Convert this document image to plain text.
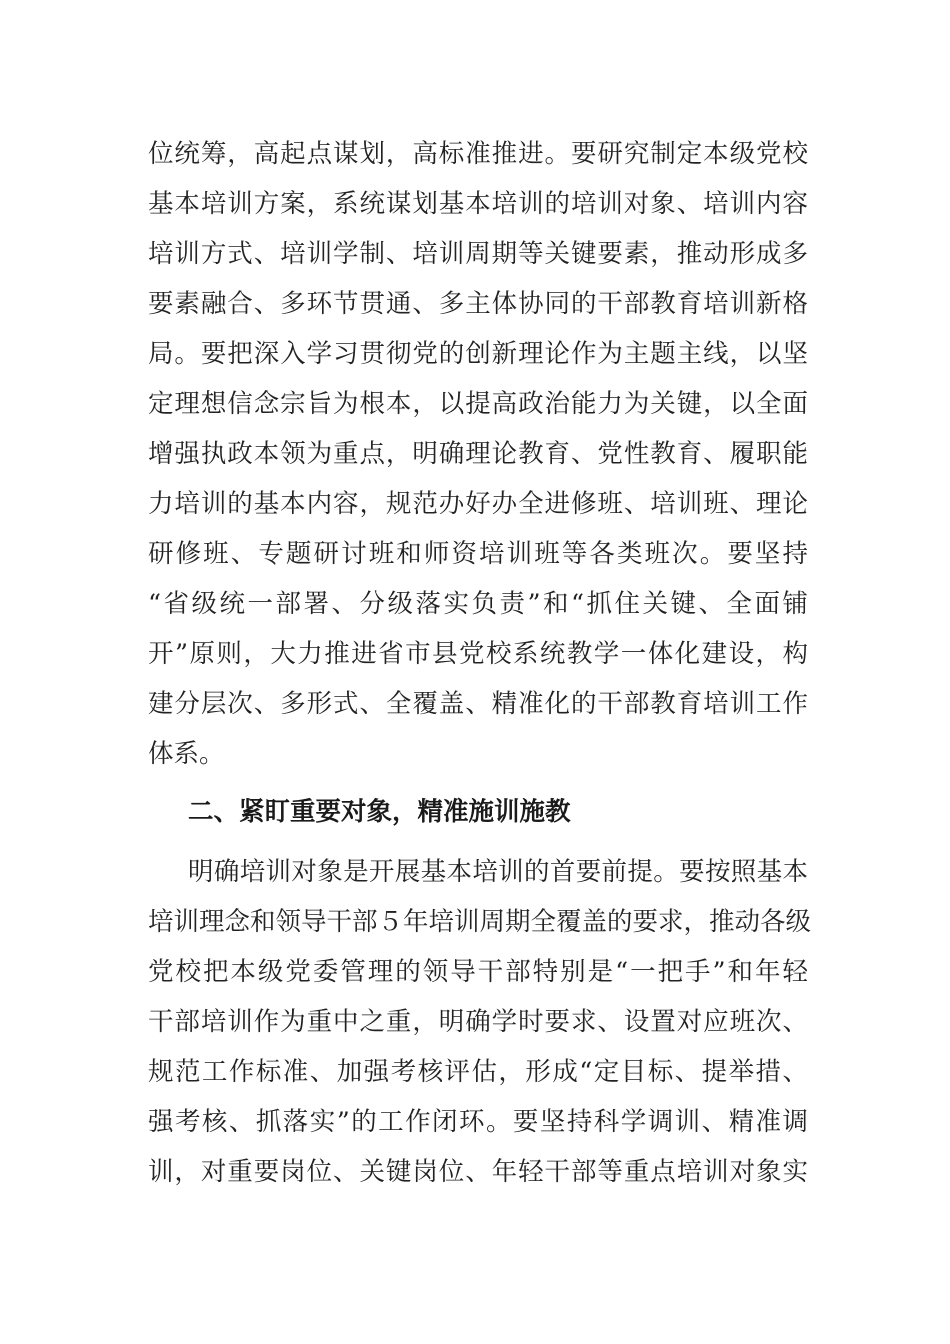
位统筹，高起点谋划，高标准推进。要研究制定本级党校
基本培训方案，系统谋划基本培训的培训对象、培训内容
培训方式、培训学制、培训周期等关键要素，推动形成多
要素融合、多环节贯通、多主体协同的干部教育培训新格
局。要把深入学习贯彻党的创新理论作为主题主线，以坚
定理想信念宗旨为根本，以提高政治能力为关键，以全面
增强执政本领为重点，明确理论教育、党性教育、履职能
力培训的基本内容，规范办好办全进修班、培训班、理论
研修班、专题研讨班和师资培训班等各类班次。要坚持
“省级统一部署、分级落实负责”和“抓住关键、全面铺
开”原则，大力推进省市县党校系统教学一体化建设，构
建分层次、多形式、全覆盖、精准化的干部教育培训工作
体系。
二、紧盯重要对象，精准施训施教
明确培训对象是开展基本培训的首要前提。要按照基本
培训理念和领导干部５年培训周期全覆盖的要求，推动各级
党校把本级党委管理的领导干部特别是“一把手”和年轻
干部培训作为重中之重，明确学时要求、设置对应班次、
规范工作标准、加强考核评估，形成“定目标、提举措、
强考核、抓落实”的工作闭环。要坚持科学调训、精准调
训，对重要岗位、关键岗位、年轻干部等重点培训对象实
